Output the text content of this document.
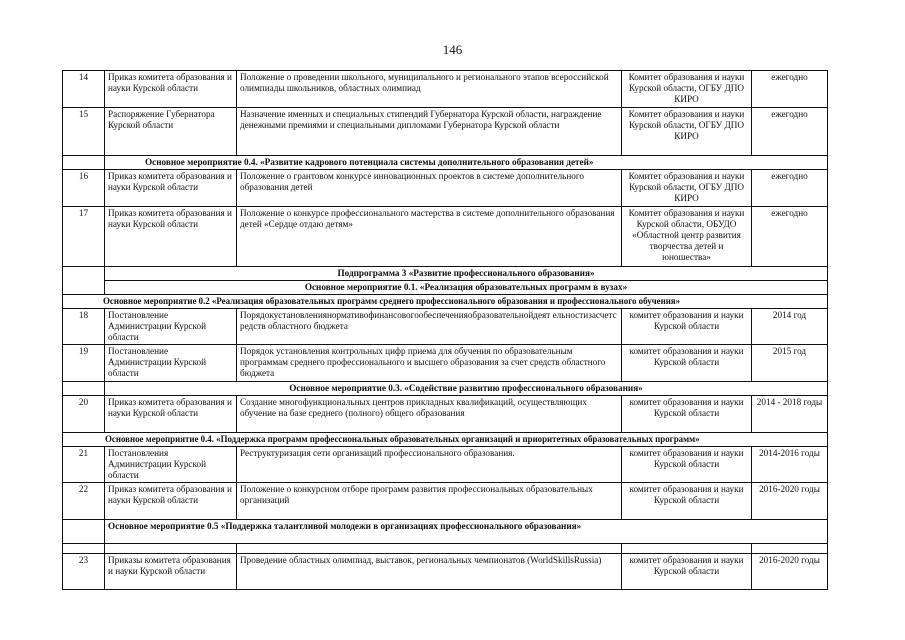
146
14	Приказ комитета образования и науки Курской области	Положение о проведении школьного, муниципального и регионального этапов всероссийской олимпиады школьников, областных олимпиад	Комитет образования и науки Курской области, ОГБУ ДПО КИРО	ежегодно
15	Распоряжение Губернатора Курской области	Назначение именных и специальных стипендий Губернатора Курской области, награждение денежными премиями и специальными дипломами Губернатора Курской области	Комитет образования и науки Курской области, ОГБУ ДПО КИРО	ежегодно
	Основное мероприятие 0.4. «Развитие кадрового потенциала системы дополнительного образования детей»			
16	Приказ комитета образования и науки Курской области	Положение о грантовом конкурсе инновационных проектов в системе дополнительного образования детей	Комитет образования и науки Курской области, ОГБУ ДПО КИРО	ежегодно
17	Приказ комитета образования и науки Курской области	Положение о конкурсе профессионального мастерства в системе дополнительного образования детей «Сердце отдаю детям»	Комитет образования и науки Курской области, ОБУДО «Областной центр развития творчества детей и юношества»	ежегодно
	Подпрограмма 3 «Развитие профессионального образования»			
	Основное мероприятие 0.1. «Реализация образовательных программ в вузах»			
Основное мероприятие 0.2 «Реализация образовательных программ среднего профессионального образования и профессионального обучения»				
18	Постановление Администрации Курской области	Порядокустановлениянормативофинансовогообеспеченияобразовательнойдеят ельностизасчетсредств областного бюджета	комитет образования и науки Курской области	2014 год
19	Постановление Администрации Курской области	Порядок установления контрольных цифр приема для обучения по образовательным программам среднего профессионального и высшего образования за счет средств областного бюджета	комитет образования и науки Курской области	2015 год
	Основное мероприятие 0.3. «Содействие развитию профессионального образования»			
20	Приказ комитета образования и науки Курской области	Создание многофункциональных центров прикладных квалификаций, осуществляющих обучение на базе среднего (полного) общего образования	комитет образования и науки Курской области	2014 - 2018 годы
Основное мероприятие 0.4. «Поддержка программ профессиональных образовательных организаций и приоритетных образовательных программ»				
21	Постановления Администрации Курской области	Реструктуризация сети организаций профессионального образования.	комитет образования и науки Курской области	2014-2016 годы
22	Приказ комитета образования и науки Курской области	Положение о конкурсном отборе программ развития профессиональных образовательных организаций	комитет образования и науки Курской области	2016-2020 годы
	Основное мероприятие 0.5 «Поддержка талантливой молодежи в организациях профессионального образования»			

23	Приказы комитета образования и науки Курской области	Проведение областных олимпиад, выставок, региональных чемпионатов (WorldSkillsRussia)	комитет образования и науки Курской области	2016-2020 годы
